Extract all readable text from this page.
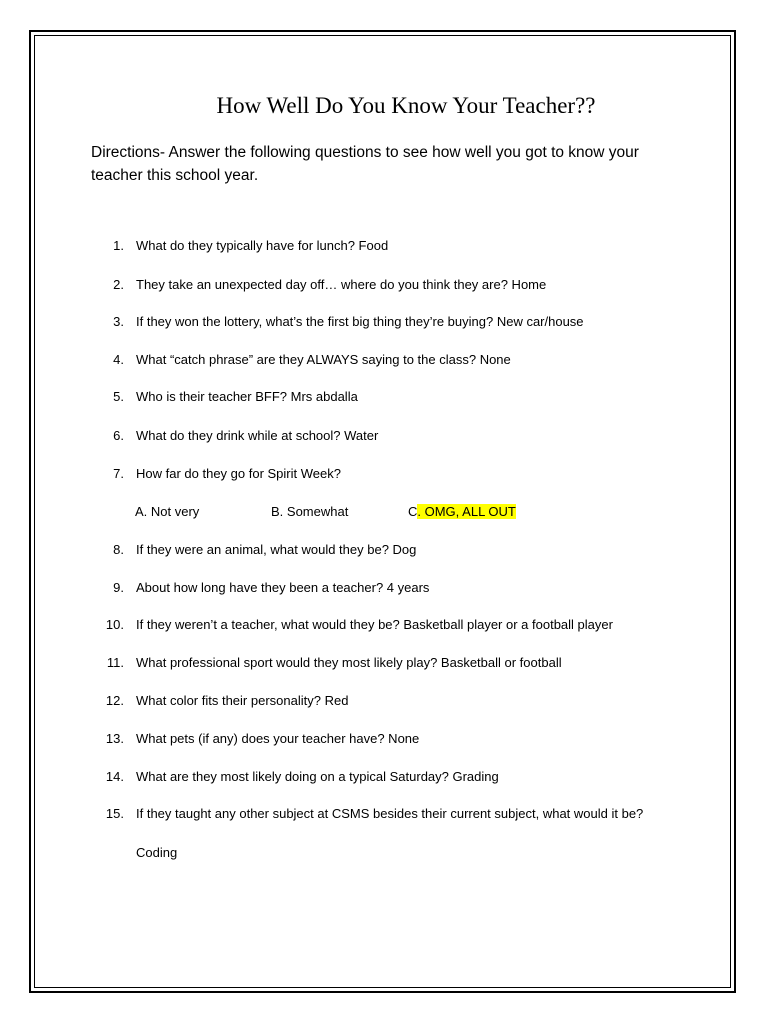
How Well Do You Know Your Teacher??
Directions- Answer the following questions to see how well you got to know your teacher this school year.
1. What do they typically have for lunch? Food
2. They take an unexpected day off… where do you think they are? Home
3. If they won the lottery, what’s the first big thing they’re buying? New car/house
4. What “catch phrase” are they ALWAYS saying to the class? None
5. Who is their teacher BFF? Mrs abdalla
6. What do they drink while at school? Water
7. How far do they go for Spirit Week?
A. Not very	B. Somewhat	C. OMG, ALL OUT
8. If they were an animal, what would they be? Dog
9. About how long have they been a teacher? 4 years
10. If they weren’t a teacher, what would they be? Basketball player or a football player
11. What professional sport would they most likely play? Basketball or football
12. What color fits their personality? Red
13. What pets (if any) does your teacher have? None
14. What are they most likely doing on a typical Saturday? Grading
15. If they taught any other subject at CSMS besides their current subject, what would it be?
Coding
